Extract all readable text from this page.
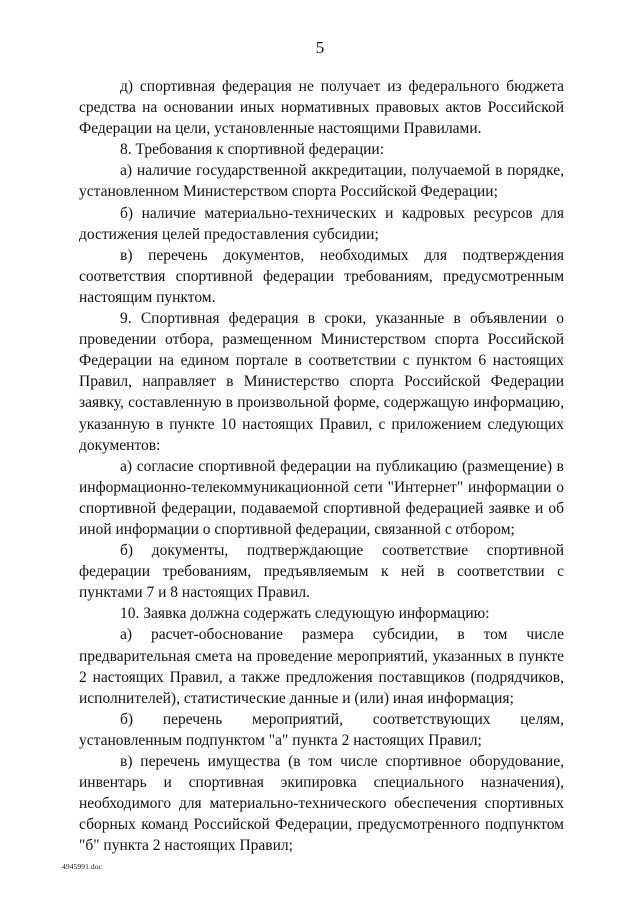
5

д) спортивная федерация не получает из федерального бюджета средства на основании иных нормативных правовых актов Российской Федерации на цели, установленные настоящими Правилами.

8. Требования к спортивной федерации:

а) наличие государственной аккредитации, получаемой в порядке, установленном Министерством спорта Российской Федерации;

б) наличие материально-технических и кадровых ресурсов для достижения целей предоставления субсидии;

в) перечень документов, необходимых для подтверждения соответствия спортивной федерации требованиям, предусмотренным настоящим пунктом.

9. Спортивная федерация в сроки, указанные в объявлении о проведении отбора, размещенном Министерством спорта Российской Федерации на едином портале в соответствии с пунктом 6 настоящих Правил, направляет в Министерство спорта Российской Федерации заявку, составленную в произвольной форме, содержащую информацию, указанную в пункте 10 настоящих Правил, с приложением следующих документов:

а) согласие спортивной федерации на публикацию (размещение) в информационно-телекоммуникационной сети "Интернет" информации о спортивной федерации, подаваемой спортивной федерацией заявке и об иной информации о спортивной федерации, связанной с отбором;

б) документы, подтверждающие соответствие спортивной федерации требованиям, предъявляемым к ней в соответствии с пунктами 7 и 8 настоящих Правил.

10. Заявка должна содержать следующую информацию:

а) расчет-обоснование размера субсидии, в том числе предварительная смета на проведение мероприятий, указанных в пункте 2 настоящих Правил, а также предложения поставщиков (подрядчиков, исполнителей), статистические данные и (или) иная информация;

б) перечень мероприятий, соответствующих целям, установленным подпунктом "а" пункта 2 настоящих Правил;

в) перечень имущества (в том числе спортивное оборудование, инвентарь и спортивная экипировка специального назначения), необходимого для материально-технического обеспечения спортивных сборных команд Российской Федерации, предусмотренного подпунктом "б" пункта 2 настоящих Правил;

4945991.doc
